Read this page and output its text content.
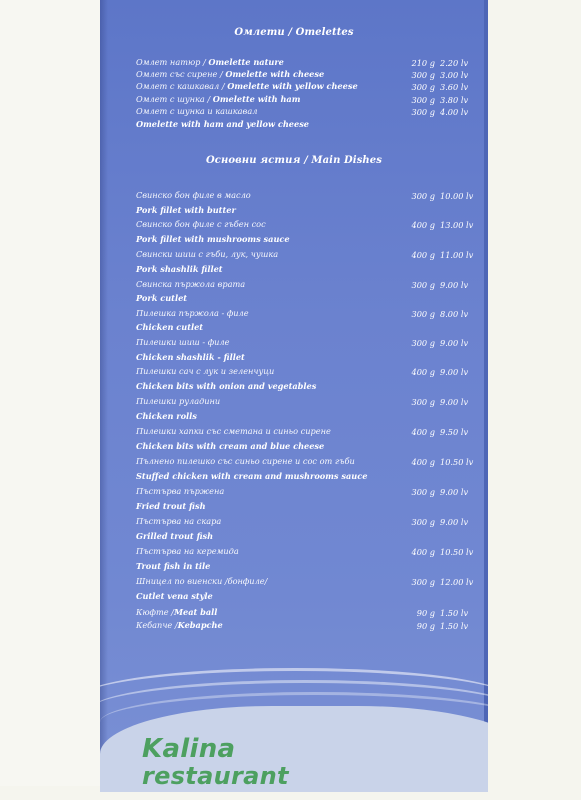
Омлети / Omelettes
Омлет натюр / Omelette nature	210 g 2.20 lv
Омлет със сирене / Omelette with cheese	300 g 3.00 lv
Омлет с кашкавал / Omelette with yellow cheese	300 g 3.60 lv
Омлет с шунка / Omelette with ham	300 g 3.80 lv
Омлет с шунка и кашкавал	300 g 4.00 lv
Omelette with ham and yellow cheese
Основни ястия / Main Dishes
Свинско бон филе в масло	300 g 10.00 lv
Pork fillet with butter
Свинско бон филе с гъбен сос	400 g 13.00 lv
Pork fillet with mushrooms sauce
Свински шиш с гъби, лук, чушка	400 g 11.00 lv
Pork shashlik fillet
Свинска пържола врата	300 g 9.00 lv
Pork cutlet
Пилешка пържола - филе	300 g 8.00 lv
Chicken cutlet
Пилешки шиш - филе	300 g 9.00 lv
Chicken shashlik - fillet
Пилешки сач с лук и зеленчуци	400 g 9.00 lv
Chicken bits with onion and vegetables
Пилешки руладини	300 g 9.00 lv
Chicken rolls
Пилешки хапки със сметана и синьо сирене	400 g 9.50 lv
Chicken bits with cream and blue cheese
Пълнено пилешко със синьо сирене и сос от гъби	400 g 10.50 lv
Stuffed chicken with cream and mushrooms sauce
Пъстърва пържена	300 g 9.00 lv
Fried trout fish
Пъстърва на скара	300 g 9.00 lv
Grilled trout fish
Пъстърва на керемида	400 g 10.50 lv
Trout fish in tile
Шницел по виенски /бонфиле/	300 g 12.00 lv
Cutlet vena style
Кюфте /Meat ball	90 g 1.50 lv
Кебапче /Kebapche	90 g 1.50 lv
Kalina
restaurant
